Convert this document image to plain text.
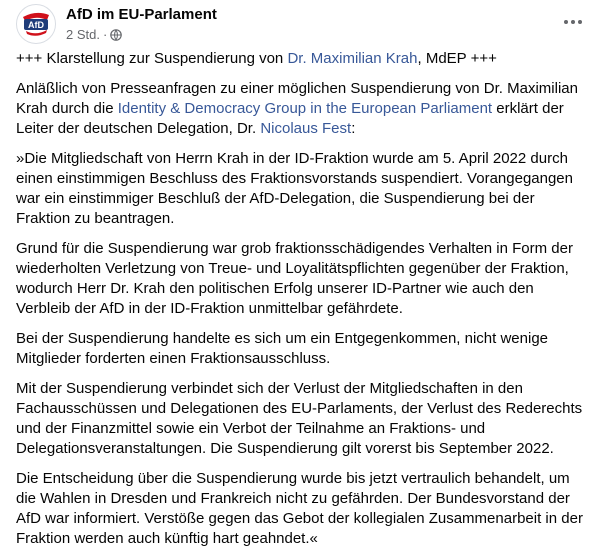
AfD
AfD im EU-Parlament
2 Std. ·

+++ Klarstellung zur Suspendierung von Dr. Maximilian Krah, MdEP +++

Anläßlich von Presseanfragen zu einer möglichen Suspendierung von Dr. Maximilian Krah durch die Identity & Democracy Group in the European Parliament erklärt der Leiter der deutschen Delegation, Dr. Nicolaus Fest:

»Die Mitgliedschaft von Herrn Krah in der ID-Fraktion wurde am 5. April 2022 durch einen einstimmigen Beschluss des Fraktionsvorstands suspendiert. Vorangegangen war ein einstimmiger Beschluß der AfD-Delegation, die Suspendierung bei der Fraktion zu beantragen.

Grund für die Suspendierung war grob fraktionsschädigendes Verhalten in Form der wiederholten Verletzung von Treue- und Loyalitätspflichten gegenüber der Fraktion, wodurch Herr Dr. Krah den politischen Erfolg unserer ID-Partner wie auch den Verbleib der AfD in der ID-Fraktion unmittelbar gefährdete.

Bei der Suspendierung handelte es sich um ein Entgegenkommen, nicht wenige Mitglieder forderten einen Fraktionsausschluss.

Mit der Suspendierung verbindet sich der Verlust der Mitgliedschaften in den Fachausschüssen und Delegationen des EU-Parlaments, der Verlust des Rederechts und der Finanzmittel sowie ein Verbot der Teilnahme an Fraktions- und Delegationsveranstaltungen. Die Suspendierung gilt vorerst bis September 2022.

Die Entscheidung über die Suspendierung wurde bis jetzt vertraulich behandelt, um die Wahlen in Dresden und Frankreich nicht zu gefährden. Der Bundesvorstand der AfD war informiert. Verstöße gegen das Gebot der kollegialen Zusammenarbeit in der Fraktion werden auch künftig hart geahndet.«
